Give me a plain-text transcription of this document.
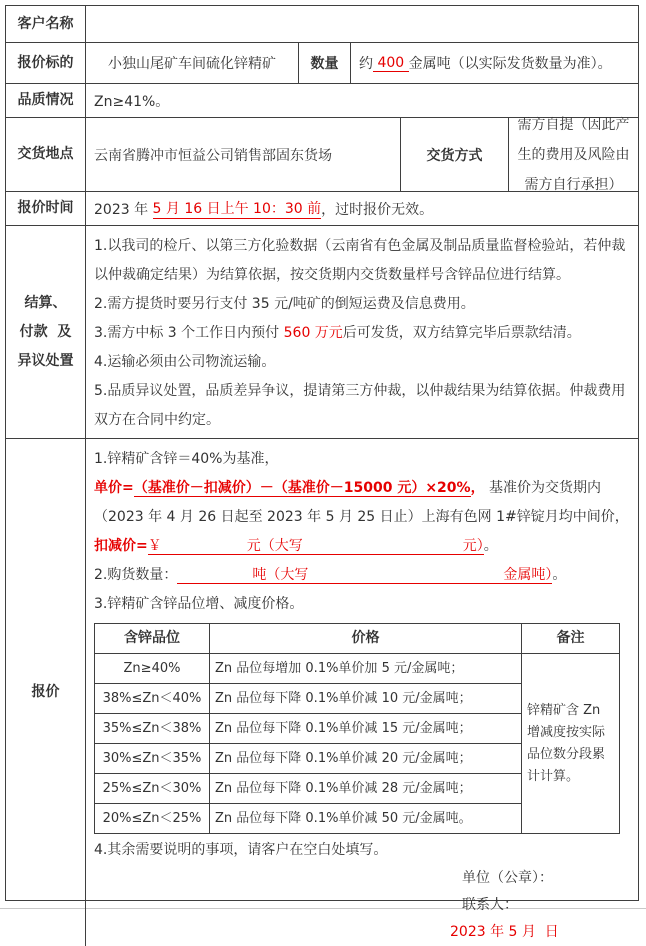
客户名称
报价标的 小独山尾矿车间硫化锌精矿 数量 约 400 金属吨（以实际发货数量为准）。
品质情况 Zn≥41%。
交货地点 云南省腾冲市恒益公司销售部固东货场	交货方式
需方自提（因此产生的费用及风险由需方自行承担）
报价时间 2023 年 5 月 16 日上午 10：30 前 ，过时报价无效。
结算、
付款  及
异议处置

1.以我司的检斤、以第三方化验数据（云南省有色金属及制品质量监督检验站，若仲裁以仲裁确定结果）为结算依据，按交货期内交货数量样号含锌品位进行结算。

2.需方提货时要另行支付 35 元/吨矿的倒短运费及信息费用。

3.需方中标 3 个工作日内预付 560 万元后可发货，双方结算完毕后票款结清。

4.运输必须由公司物流运输。

5.品质异议处置，品质差异争议，提请第三方仲裁，以仲裁结果为结算依据。仲裁费用双方在合同中约定。

报价

1.锌精矿含锌＝40%为基准，

单价=（基准价－扣减价）－（基准价－15000 元）×20%， 基准价为交货期内（2023 年 4 月 26 日起至 2023 年 5 月 25 日止）上海有色网 1#锌锭月均中间价，

扣减价=￥	元（大写	元）。

2.购货数量：	吨（大写	金属吨）。

3.锌精矿含锌品位增、减度价格。

含锌品位	价格	备注
Zn≥40%	Zn 品位每增加 0.1%单价加 5 元/金属吨；	锌精矿含 Zn 增减度按实际品位数分段累计计算。
38%≤Zn＜40%	Zn 品位每下降 0.1%单价减 10 元/金属吨；	
35%≤Zn＜38%	Zn 品位每下降 0.1%单价减 15 元/金属吨；	
30%≤Zn＜35%	Zn 品位每下降 0.1%单价减 20 元/金属吨；	
25%≤Zn＜30%	Zn 品位每下降 0.1%单价减 28 元/金属吨；	
20%≤Zn＜25%	Zn 品位每下降 0.1%单价减 50 元/金属吨。	

4.其余需要说明的事项，请客户在空白处填写。

单位（公章）：
联系人：
2023 年 5 月  日
